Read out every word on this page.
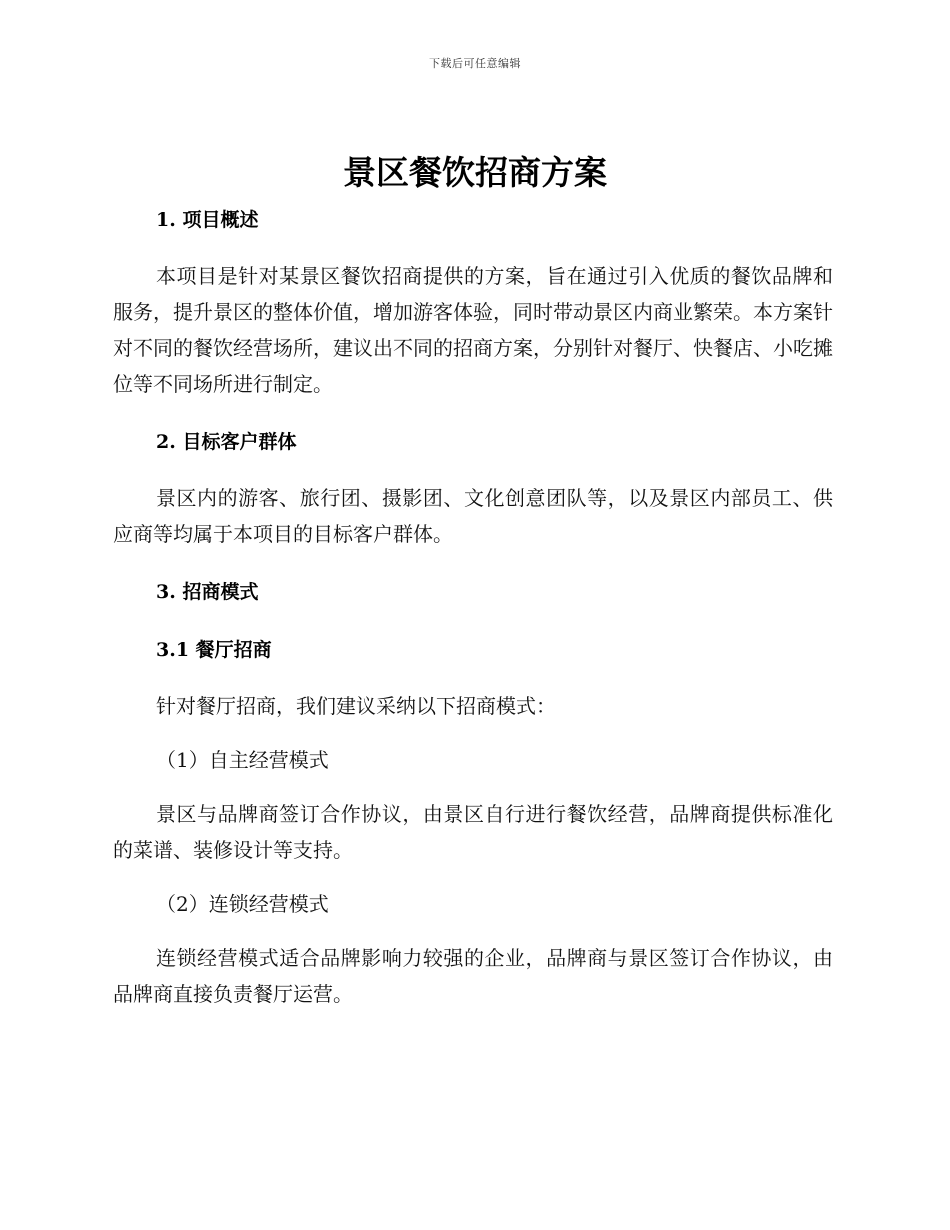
下载后可任意编辑
景区餐饮招商方案
1. 项目概述

本项目是针对某景区餐饮招商提供的方案，旨在通过引入优质的餐饮品牌和服务，提升景区的整体价值，增加游客体验，同时带动景区内商业繁荣。本方案针对不同的餐饮经营场所，建议出不同的招商方案，分别针对餐厅、快餐店、小吃摊位等不同场所进行制定。

2. 目标客户群体

景区内的游客、旅行团、摄影团、文化创意团队等，以及景区内部员工、供应商等均属于本项目的目标客户群体。

3. 招商模式
3.1 餐厅招商

针对餐厅招商，我们建议采纳以下招商模式：

（1）自主经营模式

景区与品牌商签订合作协议，由景区自行进行餐饮经营，品牌商提供标准化的菜谱、装修设计等支持。

（2）连锁经营模式

连锁经营模式适合品牌影响力较强的企业，品牌商与景区签订合作协议，由品牌商直接负责餐厅运营。
